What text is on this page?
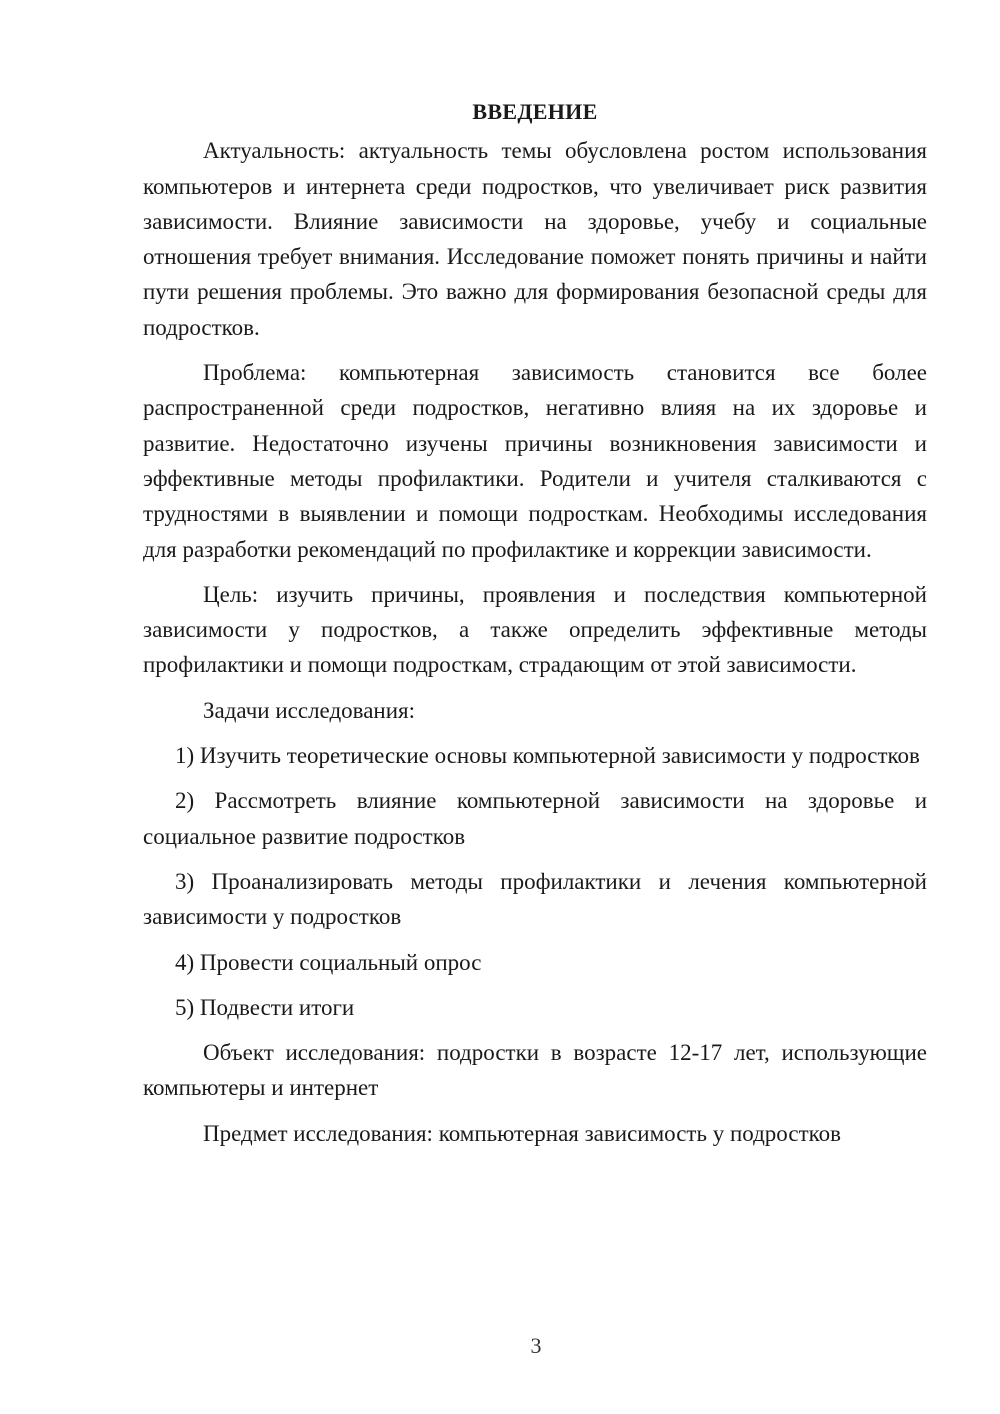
ВВЕДЕНИЕ

Актуальность: актуальность темы обусловлена ростом использования компьютеров и интернета среди подростков, что увеличивает риск развития зависимости. Влияние зависимости на здоровье, учебу и социальные отношения требует внимания. Исследование поможет понять причины и найти пути решения проблемы. Это важно для формирования безопасной среды для подростков.

Проблема: компьютерная зависимость становится все более распространенной среди подростков, негативно влияя на их здоровье и развитие. Недостаточно изучены причины возникновения зависимости и эффективные методы профилактики. Родители и учителя сталкиваются с трудностями в выявлении и помощи подросткам. Необходимы исследования для разработки рекомендаций по профилактике и коррекции зависимости.

Цель: изучить причины, проявления и последствия компьютерной зависимости у подростков, а также определить эффективные методы профилактики и помощи подросткам, страдающим от этой зависимости.

Задачи исследования:

1) Изучить теоретические основы компьютерной зависимости у подростков

2) Рассмотреть влияние компьютерной зависимости на здоровье и социальное развитие подростков

3) Проанализировать методы профилактики и лечения компьютерной зависимости у подростков

4) Провести социальный опрос

5) Подвести итоги

Объект исследования: подростки в возрасте 12-17 лет, использующие компьютеры и интернет

Предмет исследования: компьютерная зависимость у подростков

3
